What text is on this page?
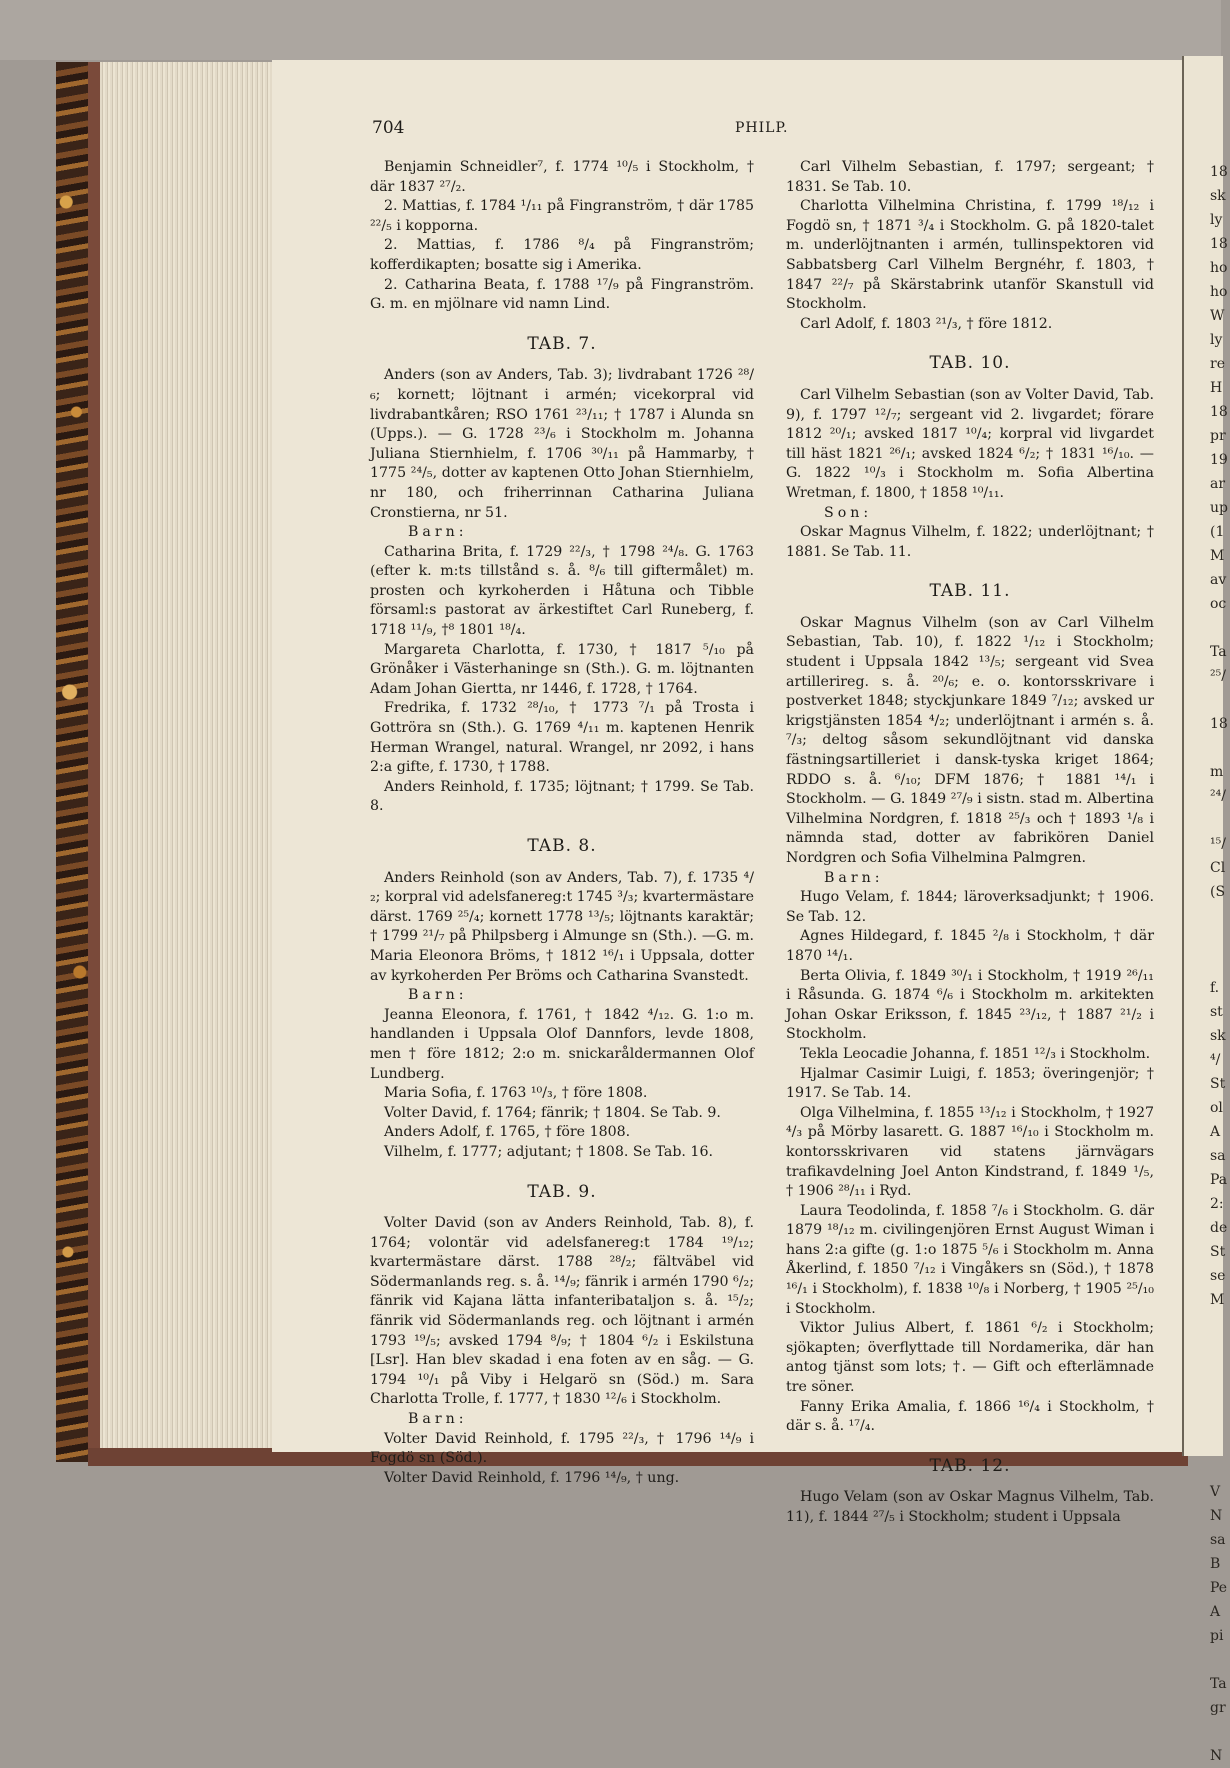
18
sk
ly
18
ho
ho
W
ly
re
H
18
pr
19
ar
up
(1
M
av
oc

Ta
²⁵/

18

m
²⁴/

¹⁵/
Cl
(S

f.
st
sk
⁴/
St
ol
A
sa
Pa
2:
de
St
se
M

V
N
sa
B
Pe
A
pi

Ta
gr

N
704	PHILP.

Benjamin Schneidler⁷, f. 1774 ¹⁰/₅ i Stockholm, † där 1837 ²⁷/₂.

2. Mattias, f. 1784 ¹/₁₁ på Fingranström, † där 1785 ²²/₅ i kopporna.

2. Mattias, f. 1786 ⁸/₄ på Fingranström; kofferdikapten; bosatte sig i Amerika.

2. Catharina Beata, f. 1788 ¹⁷/₉ på Fingranström. G. m. en mjölnare vid namn Lind.

TAB. 7.

Anders (son av Anders, Tab. 3); livdrabant 1726 ²⁸/₆; kornett; löjtnant i armén; vicekorpral vid livdrabantkåren; RSO 1761 ²³/₁₁; † 1787 i Alunda sn (Upps.). — G. 1728 ²³/₆ i Stockholm m. Johanna Juliana Stiernhielm, f. 1706 ³⁰/₁₁ på Hammarby, † 1775 ²⁴/₅, dotter av kaptenen Otto Johan Stiernhielm, nr 180, och friherrinnan Catharina Juliana Cronstierna, nr 51.

Barn:

Catharina Brita, f. 1729 ²²/₃, † 1798 ²⁴/₈. G. 1763 (efter k. m:ts tillstånd s. å. ⁸/₆ till giftermålet) m. prosten och kyrkoherden i Håtuna och Tibble församl:s pastorat av ärkestiftet Carl Runeberg, f. 1718 ¹¹/₉, †⁸ 1801 ¹⁸/₄.

Margareta Charlotta, f. 1730, † 1817 ⁵/₁₀ på Grönåker i Västerhaninge sn (Sth.). G. m. löjtnanten Adam Johan Giertta, nr 1446, f. 1728, † 1764.

Fredrika, f. 1732 ²⁸/₁₀, † 1773 ⁷/₁ på Trosta i Gottröra sn (Sth.). G. 1769 ⁴/₁₁ m. kaptenen Henrik Herman Wrangel, natural. Wrangel, nr 2092, i hans 2:a gifte, f. 1730, † 1788.

Anders Reinhold, f. 1735; löjtnant; † 1799. Se Tab. 8.

TAB. 8.

Anders Reinhold (son av Anders, Tab. 7), f. 1735 ⁴/₂; korpral vid adelsfanereg:t 1745 ³/₃; kvartermästare därst. 1769 ²⁵/₄; kornett 1778 ¹³/₅; löjtnants karaktär; † 1799 ²¹/₇ på Philpsberg i Almunge sn (Sth.). —G. m. Maria Eleonora Bröms, † 1812 ¹⁶/₁ i Uppsala, dotter av kyrkoherden Per Bröms och Catharina Svanstedt.

Barn:

Jeanna Eleonora, f. 1761, † 1842 ⁴/₁₂. G. 1:o m. handlanden i Uppsala Olof Dannfors, levde 1808, men † före 1812; 2:o m. snickaråldermannen Olof Lundberg.

Maria Sofia, f. 1763 ¹⁰/₃, † före 1808.

Volter David, f. 1764; fänrik; † 1804. Se Tab. 9.

Anders Adolf, f. 1765, † före 1808.

Vilhelm, f. 1777; adjutant; † 1808. Se Tab. 16.

TAB. 9.

Volter David (son av Anders Reinhold, Tab. 8), f. 1764; volontär vid adelsfanereg:t 1784 ¹⁹/₁₂; kvartermästare därst. 1788 ²⁸/₂; fältväbel vid Södermanlands reg. s. å. ¹⁴/₉; fänrik i armén 1790 ⁶/₂; fänrik vid Kajana lätta infanteribataljon s. å. ¹⁵/₂; fänrik vid Södermanlands reg. och löjtnant i armén 1793 ¹⁹/₅; avsked 1794 ⁸/₉; † 1804 ⁶/₂ i Eskilstuna [Lsr]. Han blev skadad i ena foten av en såg. — G. 1794 ¹⁰/₁ på Viby i Helgarö sn (Söd.) m. Sara Charlotta Trolle, f. 1777, † 1830 ¹²/₆ i Stockholm.

Barn:

Volter David Reinhold, f. 1795 ²²/₃, † 1796 ¹⁴/₉ i Fogdö sn (Söd.).

Volter David Reinhold, f. 1796 ¹⁴/₉, † ung.

Carl Vilhelm Sebastian, f. 1797; sergeant; † 1831. Se Tab. 10.

Charlotta Vilhelmina Christina, f. 1799 ¹⁸/₁₂ i Fogdö sn, † 1871 ³/₄ i Stockholm. G. på 1820-talet m. underlöjtnanten i armén, tullinspektoren vid Sabbatsberg Carl Vilhelm Bergnéhr, f. 1803, † 1847 ²²/₇ på Skärstabrink utanför Skanstull vid Stockholm.

Carl Adolf, f. 1803 ²¹/₃, † före 1812.

TAB. 10.

Carl Vilhelm Sebastian (son av Volter David, Tab. 9), f. 1797 ¹²/₇; sergeant vid 2. livgardet; förare 1812 ²⁰/₁; avsked 1817 ¹⁰/₄; korpral vid livgardet till häst 1821 ²⁶/₁; avsked 1824 ⁶/₂; † 1831 ¹⁶/₁₀. — G. 1822 ¹⁰/₃ i Stockholm m. Sofia Albertina Wretman, f. 1800, † 1858 ¹⁰/₁₁.

Son:

Oskar Magnus Vilhelm, f. 1822; underlöjtnant; † 1881. Se Tab. 11.

TAB. 11.

Oskar Magnus Vilhelm (son av Carl Vilhelm Sebastian, Tab. 10), f. 1822 ¹/₁₂ i Stockholm; student i Uppsala 1842 ¹³/₅; sergeant vid Svea artillerireg. s. å. ²⁰/₆; e. o. kontorsskrivare i postverket 1848; styckjunkare 1849 ⁷/₁₂; avsked ur krigstjänsten 1854 ⁴/₂; underlöjtnant i armén s. å. ⁷/₃; deltog såsom sekundlöjtnant vid danska fästningsartilleriet i dansk-tyska kriget 1864; RDDO s. å. ⁶/₁₀; DFM 1876; † 1881 ¹⁴/₁ i Stockholm. — G. 1849 ²⁷/₉ i sistn. stad m. Albertina Vilhelmina Nordgren, f. 1818 ²⁵/₃ och † 1893 ¹/₈ i nämnda stad, dotter av fabrikören Daniel Nordgren och Sofia Vilhelmina Palmgren.

Barn:

Hugo Velam, f. 1844; läroverksadjunkt; † 1906. Se Tab. 12.

Agnes Hildegard, f. 1845 ²/₈ i Stockholm, † där 1870 ¹⁴/₁.

Berta Olivia, f. 1849 ³⁰/₁ i Stockholm, † 1919 ²⁶/₁₁ i Råsunda. G. 1874 ⁶/₆ i Stockholm m. arkitekten Johan Oskar Eriksson, f. 1845 ²³/₁₂, † 1887 ²¹/₂ i Stockholm.

Tekla Leocadie Johanna, f. 1851 ¹²/₃ i Stockholm.

Hjalmar Casimir Luigi, f. 1853; överingenjör; † 1917. Se Tab. 14.

Olga Vilhelmina, f. 1855 ¹³/₁₂ i Stockholm, † 1927 ⁴/₃ på Mörby lasarett. G. 1887 ¹⁶/₁₀ i Stockholm m. kontorsskrivaren vid statens järnvägars trafikavdelning Joel Anton Kindstrand, f. 1849 ¹/₅, † 1906 ²⁸/₁₁ i Ryd.

Laura Teodolinda, f. 1858 ⁷/₆ i Stockholm. G. där 1879 ¹⁸/₁₂ m. civilingenjören Ernst August Wiman i hans 2:a gifte (g. 1:o 1875 ⁵/₆ i Stockholm m. Anna Åkerlind, f. 1850 ⁷/₁₂ i Vingåkers sn (Söd.), † 1878 ¹⁶/₁ i Stockholm), f. 1838 ¹⁰/₈ i Norberg, † 1905 ²⁵/₁₀ i Stockholm.

Viktor Julius Albert, f. 1861 ⁶/₂ i Stockholm; sjökapten; överflyttade till Nordamerika, där han antog tjänst som lots; †. — Gift och efterlämnade tre söner.

Fanny Erika Amalia, f. 1866 ¹⁶/₄ i Stockholm, † där s. å. ¹⁷/₄.

TAB. 12.

Hugo Velam (son av Oskar Magnus Vilhelm, Tab. 11), f. 1844 ²⁷/₅ i Stockholm; student i Uppsala
